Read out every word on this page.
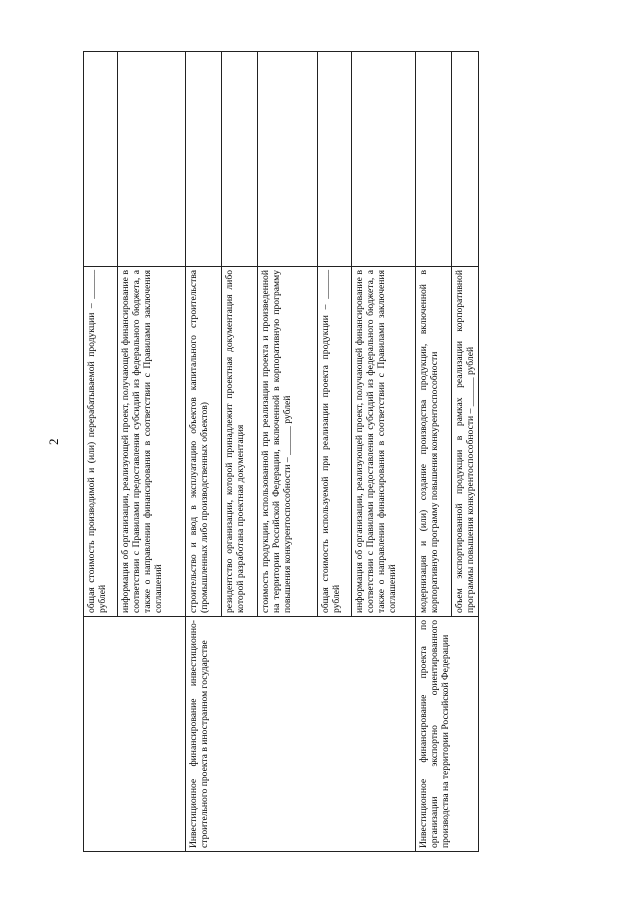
2

	общая стоимость производимой и (или) перерабатываемой продукции – ______ рублей	

	информация об организации, реализующей проект, получающей финансирование в соответствии с Правилами предоставления субсидий из федерального бюджета, а также о направлении финансирования в соответствии с Правилами заключения соглашений	

Инвестиционное финансирование инвестиционно-строительного проекта в иностранном государстве	строительство и ввод в эксплуатацию объектов капитального строительства (промышленных либо производственных объектов)	

	резидентство организации, которой принадлежит проектная документация либо которой разработана проектная документация	

	стоимость продукции, использованной при реализации проекта и произведенной на территории Российской Федерации, включенной в корпоративную программу повышения конкурентоспособности – ______ рублей	

	общая стоимость используемой при реализации проекта продукции – ______ рублей	

	информация об организации, реализующей проект, получающей финансирование в соответствии с Правилами предоставления субсидий из федерального бюджета, а также о направлении финансирования в соответствии с Правилами заключения соглашений	

Инвестиционное финансирование проекта по организации экспортно ориентированного производства на территории Российской Федерации	модернизация и (или) создание производства продукции, включенной в корпоративную программу повышения конкурентоспособности	

	объем экспортированной продукции в рамках реализации корпоративной программы повышения конкурентоспособности – ______ рублей	
